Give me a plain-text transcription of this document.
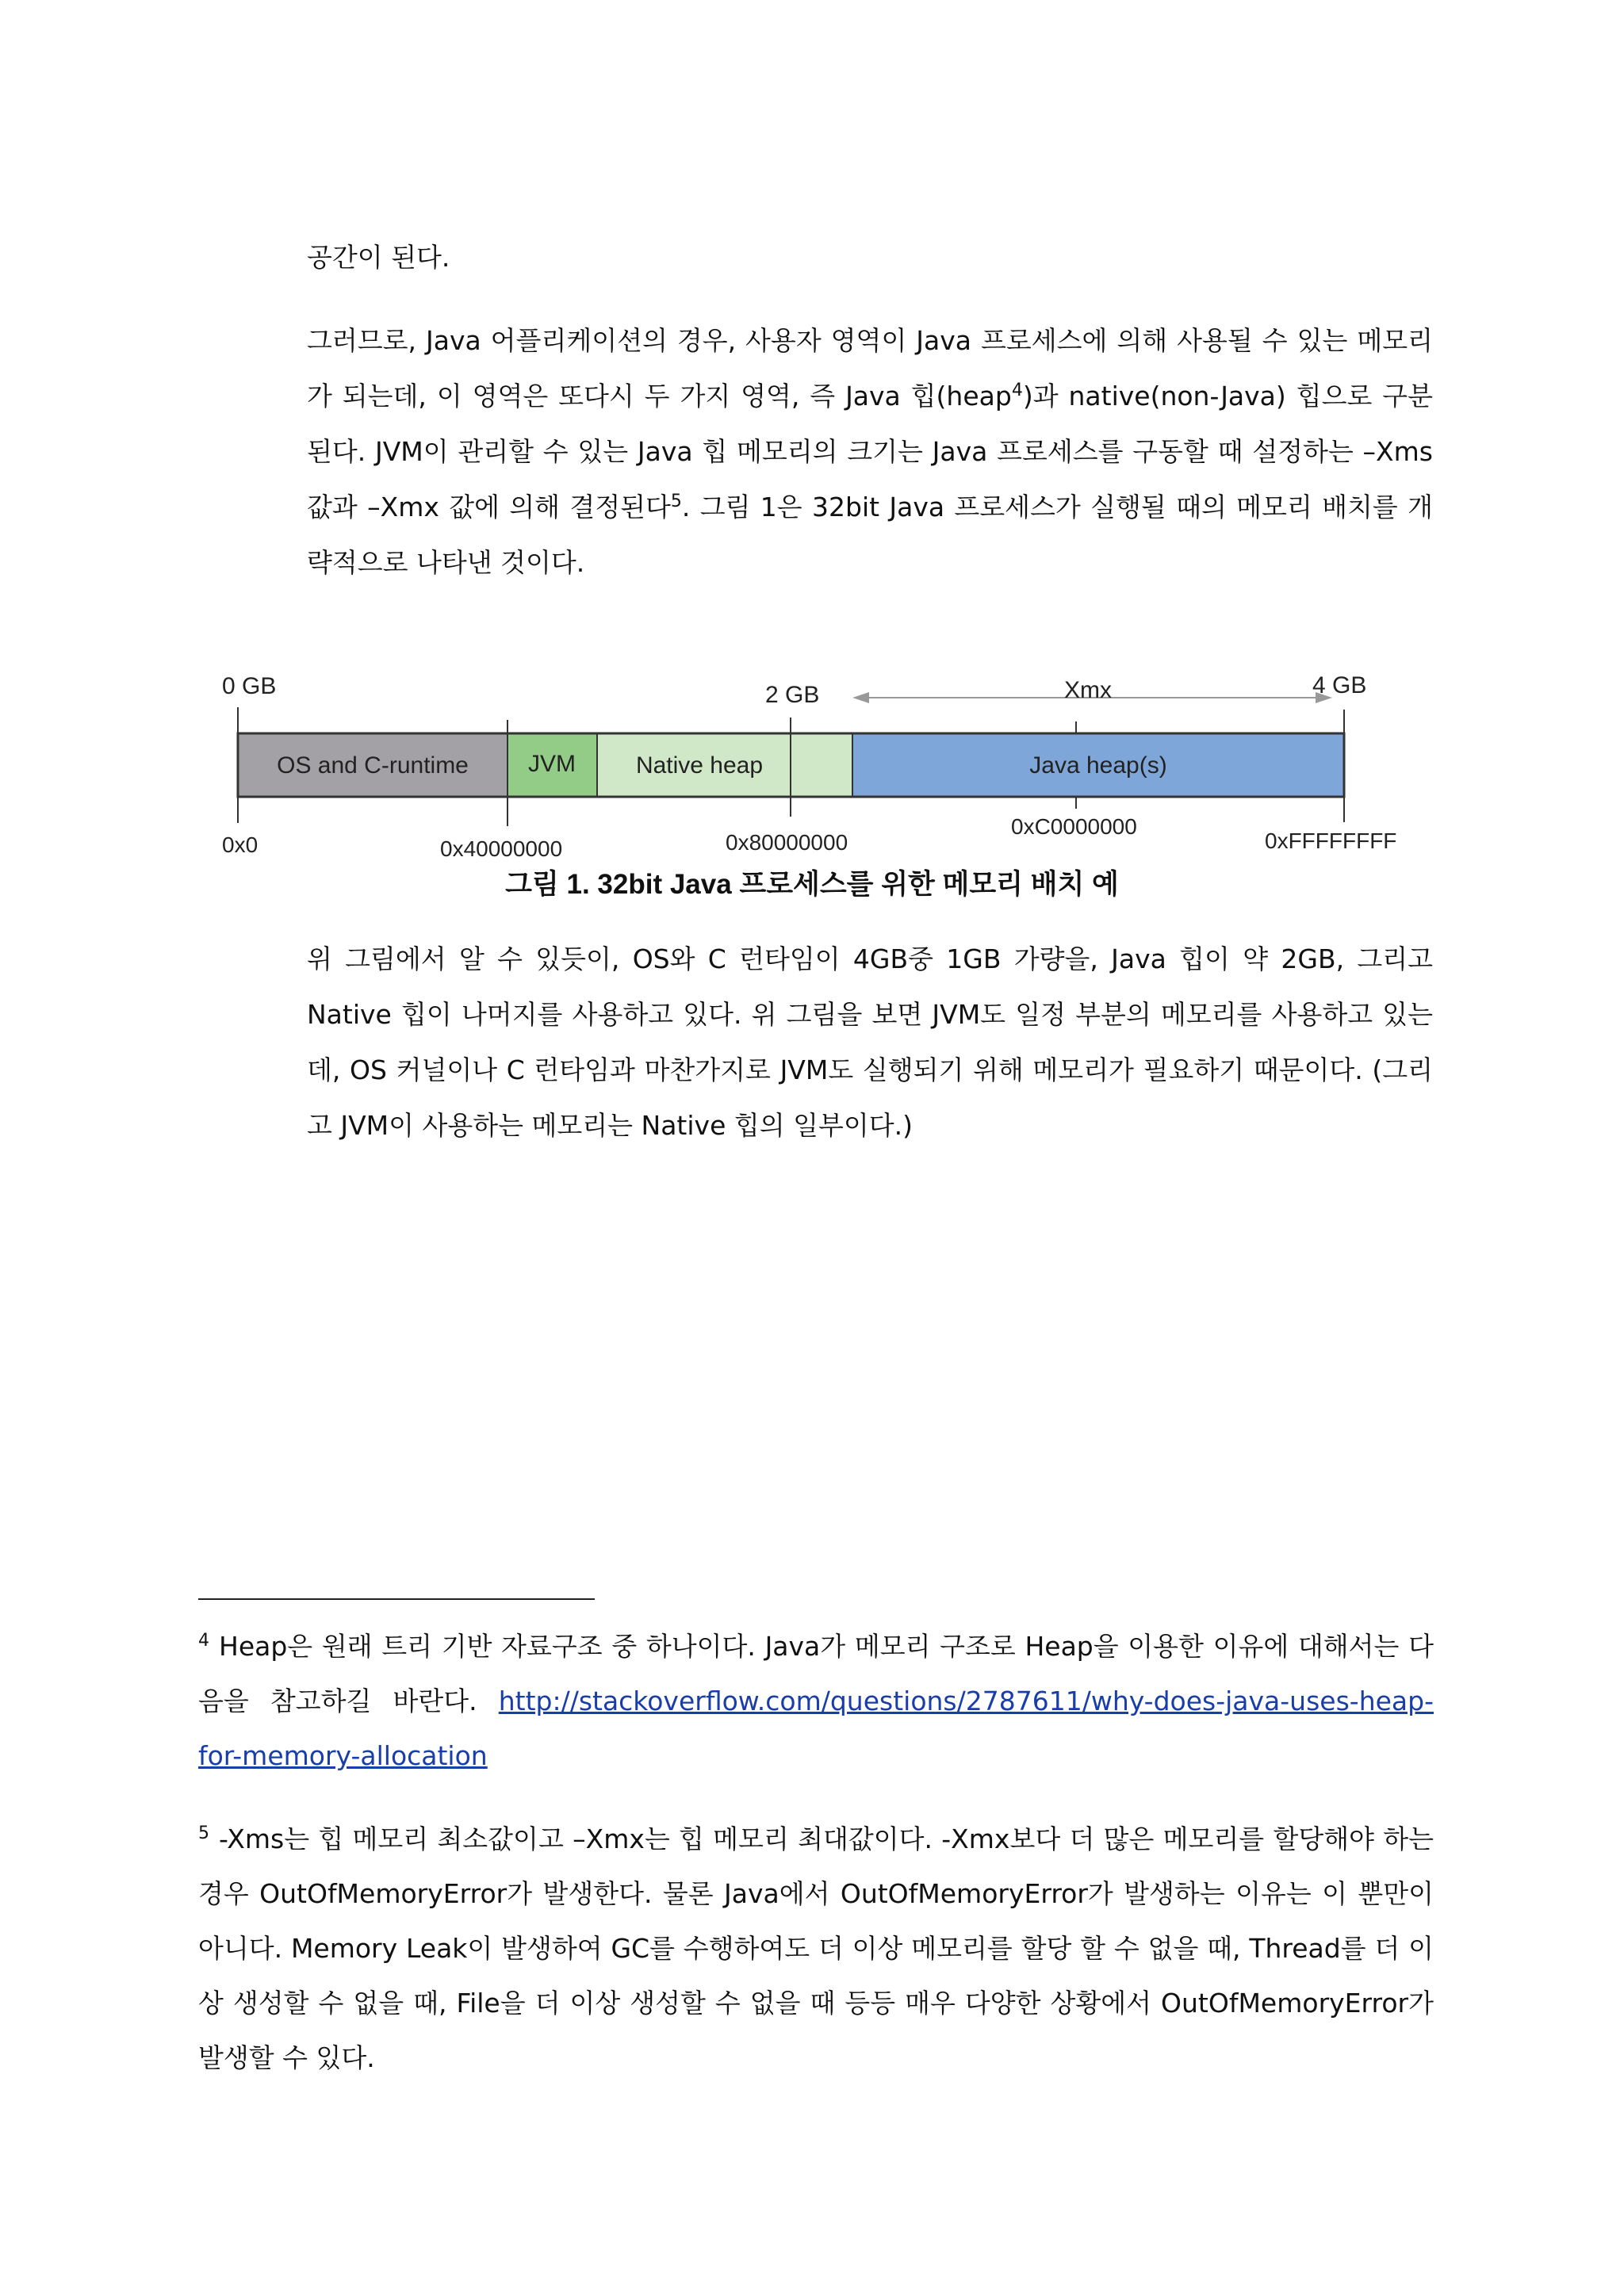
공간이 된다.

그러므로, Java 어플리케이션의 경우, 사용자 영역이 Java 프로세스에 의해 사용될 수 있는 메모리가 되는데, 이 영역은 또다시 두 가지 영역, 즉 Java 힙(heap$^4$)과 native(non-Java) 힙으로 구분된다. JVM이 관리할 수 있는 Java 힙 메모리의 크기는 Java 프로세스를 구동할 때 설정하는 –Xms 값과 –Xmx 값에 의해 결정된다$^5$. 그림 1은 32bit Java 프로세스가 실행될 때의 메모리 배치를 개략적으로 나타낸 것이다.

0 GB	2 GB	Xmx	4 GB
OS and C-runtime	JVM	Native heap	Java heap(s)
0x0	0x40000000	0x80000000
0xC0000000
0xFFFFFFFF
그림 1. 32bit Java 프로세스를 위한 메모리 배치 예

위 그림에서 알 수 있듯이, OS와 C 런타임이 4GB중 1GB 가량을, Java 힙이 약 2GB, 그리고 Native 힙이 나머지를 사용하고 있다. 위 그림을 보면 JVM도 일정 부분의 메모리를 사용하고 있는데, OS 커널이나 C 런타임과 마찬가지로 JVM도 실행되기 위해 메모리가 필요하기 때문이다. (그리고 JVM이 사용하는 메모리는 Native 힙의 일부이다.)

$^4$ Heap은 원래 트리 기반 자료구조 중 하나이다. Java가 메모리 구조로 Heap을 이용한 이유에 대해서는 다음을 참고하길 바란다. http://stackoverflow.com/questions/2787611/why-does-java-uses-heap-for-memory-allocation

$^5$ -Xms는 힙 메모리 최소값이고 –Xmx는 힙 메모리 최대값이다. -Xmx보다 더 많은 메모리를 할당해야 하는 경우 OutOfMemoryError가 발생한다. 물론 Java에서 OutOfMemoryError가 발생하는 이유는 이 뿐만이 아니다. Memory Leak이 발생하여 GC를 수행하여도 더 이상 메모리를 할당 할 수 없을 때, Thread를 더 이상 생성할 수 없을 때, File을 더 이상 생성할 수 없을 때 등등 매우 다양한 상황에서 OutOfMemoryError가 발생할 수 있다.
